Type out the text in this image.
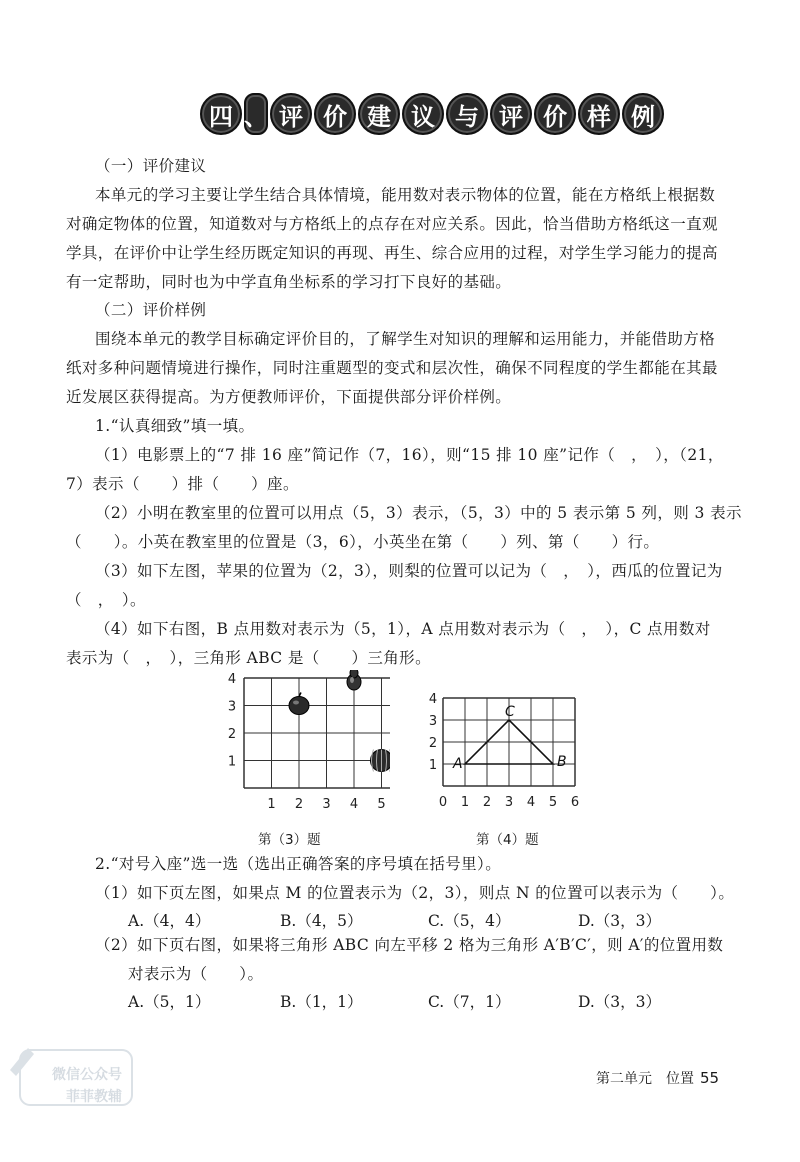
四 、 评 价 建 议 与 评 价 样 例
（一）评价建议
本单元的学习主要让学生结合具体情境，能用数对表示物体的位置，能在方格纸上根据数
对确定物体的位置，知道数对与方格纸上的点存在对应关系。因此，恰当借助方格纸这一直观
学具，在评价中让学生经历既定知识的再现、再生、综合应用的过程，对学生学习能力的提高
有一定帮助，同时也为中学直角坐标系的学习打下良好的基础。
（二）评价样例
围绕本单元的教学目标确定评价目的，了解学生对知识的理解和运用能力，并能借助方格
纸对多种问题情境进行操作，同时注重题型的变式和层次性，确保不同程度的学生都能在其最
近发展区获得提高。为方便教师评价，下面提供部分评价样例。
1.“认真细致”填一填。
（1）电影票上的“7 排 16 座”简记作（7，16），则“15 排 10 座”记作（　，　），（21，
7）表示（　　）排（　　）座。
（2）小明在教室里的位置可以用点（5，3）表示，（5，3）中的 5 表示第 5 列，则 3 表示
（　　）。小英在教室里的位置是（3，6），小英坐在第（　　）列、第（　　）行。
（3）如下左图，苹果的位置为（2，3），则梨的位置可以记为（　，　），西瓜的位置记为
（　，　）。
（4）如下右图，B 点用数对表示为（5，1），A 点用数对表示为（　，　），C 点用数对
表示为（　，　），三角形 ABC 是（　　）三角形。
1 2 3 4 5
1
2
3
4
第（3）题
0 1 2 3 4 5 6
1
2
3
4
A
C
B
第（4）题
2.“对号入座”选一选（选出正确答案的序号填在括号里）。
（1）如下页左图，如果点 M 的位置表示为（2，3），则点 N 的位置可以表示为（　　）。
A.（4，4）	B.（4，5）	C.（5，4）	D.（3，3）
（2）如下页右图，如果将三角形 ABC 向左平移 2 格为三角形 A′B′C′，则 A′的位置用数
对表示为（　　）。
A.（5，1）	B.（1，1）	C.（7，1）	D.（3，3）
微信公众号
菲菲教辅
第二单元　位置 55
